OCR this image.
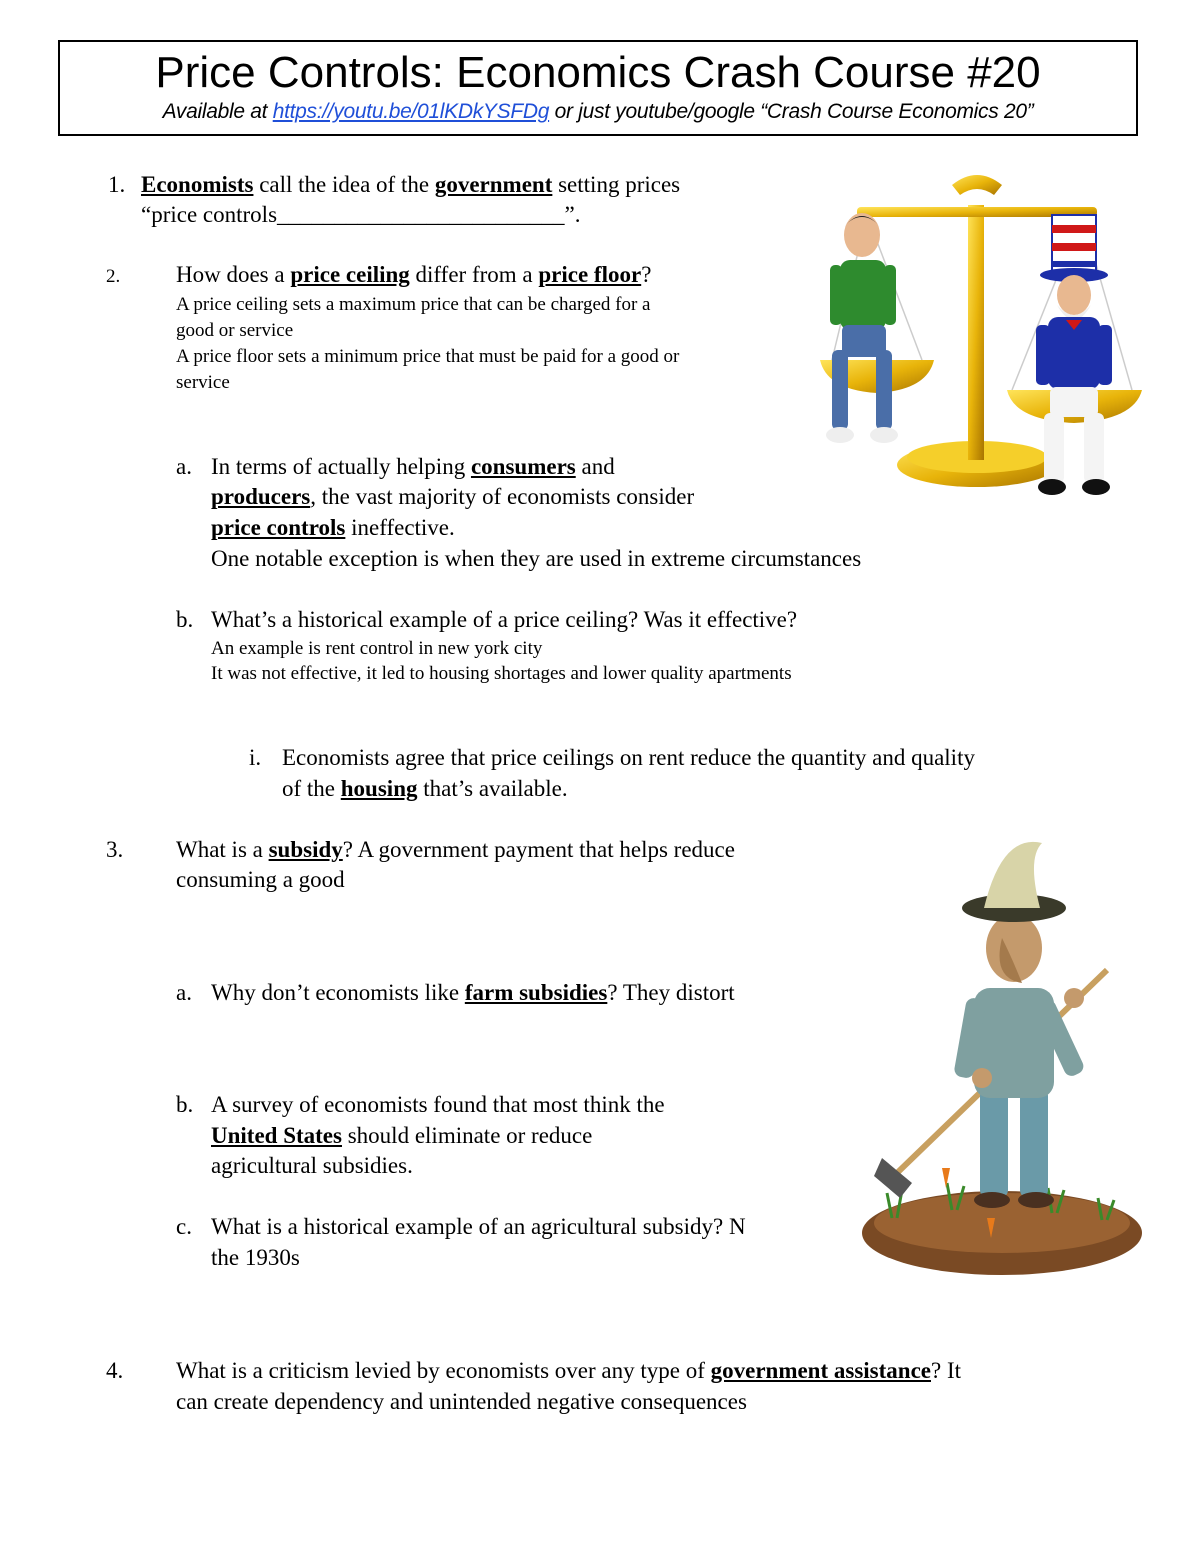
Price Controls: Economics Crash Course #20
Available at https://youtu.be/01lKDkYSFDg or just youtube/google “Crash Course Economics 20”
1. Economists call the idea of the government setting prices
“price controls_________________________”.
2. How does a price ceiling differ from a price floor?
A price ceiling sets a maximum price that can be charged for a
good or service
A price floor sets a minimum price that must be paid for a good or
service
a. In terms of actually helping consumers and
producers, the vast majority of economists consider
price controls ineffective.
One notable exception is when they are used in extreme circumstances
b. What’s a historical example of a price ceiling? Was it effective?
An example is rent control in new york city
It was not effective, it led to housing shortages and lower quality apartments
i. Economists agree that price ceilings on rent reduce the quantity and quality
of the housing that’s available.
3. What is a subsidy? A government payment that helps reduce
consuming a good
a. Why don’t economists like farm subsidies? They distort
b. A survey of economists found that most think the
United States should eliminate or reduce
agricultural subsidies.
c. What is a historical example of an agricultural subsidy? N
the 1930s
4. What is a criticism levied by economists over any type of government assistance? It
can create dependency and unintended negative consequences
